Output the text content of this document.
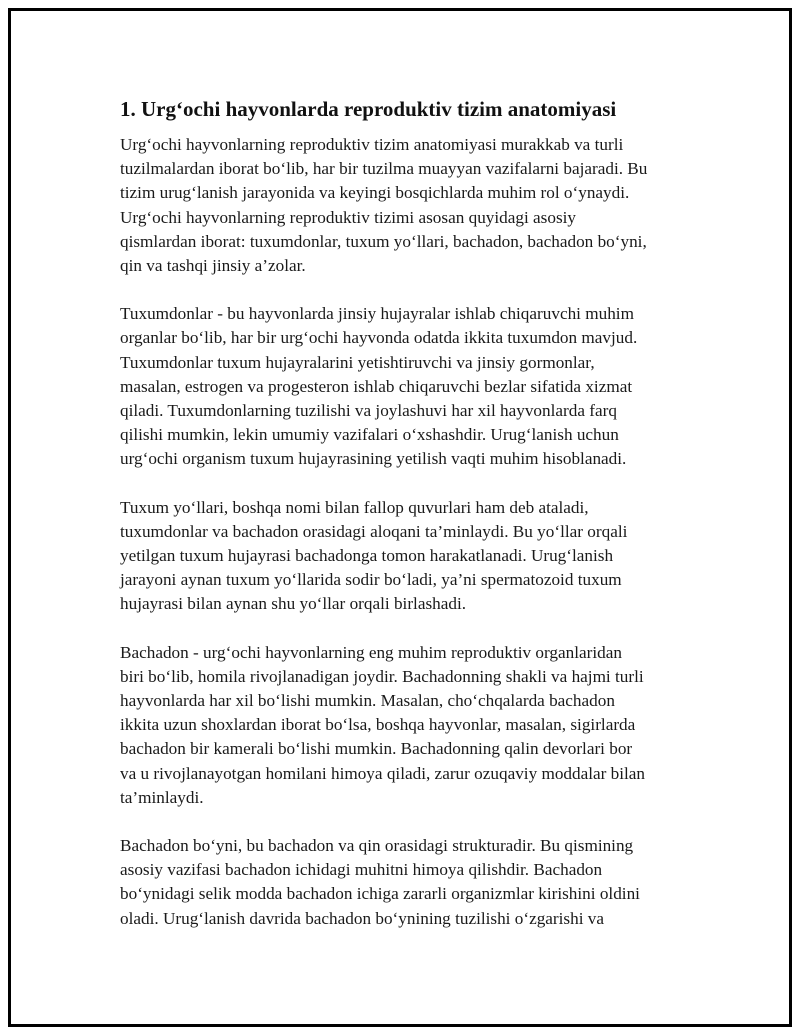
1. Urg‘ochi hayvonlarda reproduktiv tizim anatomiyasi

Urg‘ochi hayvonlarning reproduktiv tizim anatomiyasi murakkab va turli
tuzilmalardan iborat bo‘lib, har bir tuzilma muayyan vazifalarni bajaradi. Bu
tizim urug‘lanish jarayonida va keyingi bosqichlarda muhim rol o‘ynaydi.
Urg‘ochi hayvonlarning reproduktiv tizimi asosan quyidagi asosiy
qismlardan iborat: tuxumdonlar, tuxum yo‘llari, bachadon, bachadon bo‘yni,
qin va tashqi jinsiy a’zolar.

Tuxumdonlar - bu hayvonlarda jinsiy hujayralar ishlab chiqaruvchi muhim
organlar bo‘lib, har bir urg‘ochi hayvonda odatda ikkita tuxumdon mavjud.
Tuxumdonlar tuxum hujayralarini yetishtiruvchi va jinsiy gormonlar,
masalan, estrogen va progesteron ishlab chiqaruvchi bezlar sifatida xizmat
qiladi. Tuxumdonlarning tuzilishi va joylashuvi har xil hayvonlarda farq
qilishi mumkin, lekin umumiy vazifalari o‘xshashdir. Urug‘lanish uchun
urg‘ochi organism tuxum hujayrasining yetilish vaqti muhim hisoblanadi.

Tuxum yo‘llari, boshqa nomi bilan fallop quvurlari ham deb ataladi,
tuxumdonlar va bachadon orasidagi aloqani ta’minlaydi. Bu yo‘llar orqali
yetilgan tuxum hujayrasi bachadonga tomon harakatlanadi. Urug‘lanish
jarayoni aynan tuxum yo‘llarida sodir bo‘ladi, ya’ni spermatozoid tuxum
hujayrasi bilan aynan shu yo‘llar orqali birlashadi.

Bachadon - urg‘ochi hayvonlarning eng muhim reproduktiv organlaridan
biri bo‘lib, homila rivojlanadigan joydir. Bachadonning shakli va hajmi turli
hayvonlarda har xil bo‘lishi mumkin. Masalan, cho‘chqalarda bachadon
ikkita uzun shoxlardan iborat bo‘lsa, boshqa hayvonlar, masalan, sigirlarda
bachadon bir kamerali bo‘lishi mumkin. Bachadonning qalin devorlari bor
va u rivojlanayotgan homilani himoya qiladi, zarur ozuqaviy moddalar bilan
ta’minlaydi.

Bachadon bo‘yni, bu bachadon va qin orasidagi strukturadir. Bu qismining
asosiy vazifasi bachadon ichidagi muhitni himoya qilishdir. Bachadon
bo‘ynidagi selik modda bachadon ichiga zararli organizmlar kirishini oldini
oladi. Urug‘lanish davrida bachadon bo‘ynining tuzilishi o‘zgarishi va
